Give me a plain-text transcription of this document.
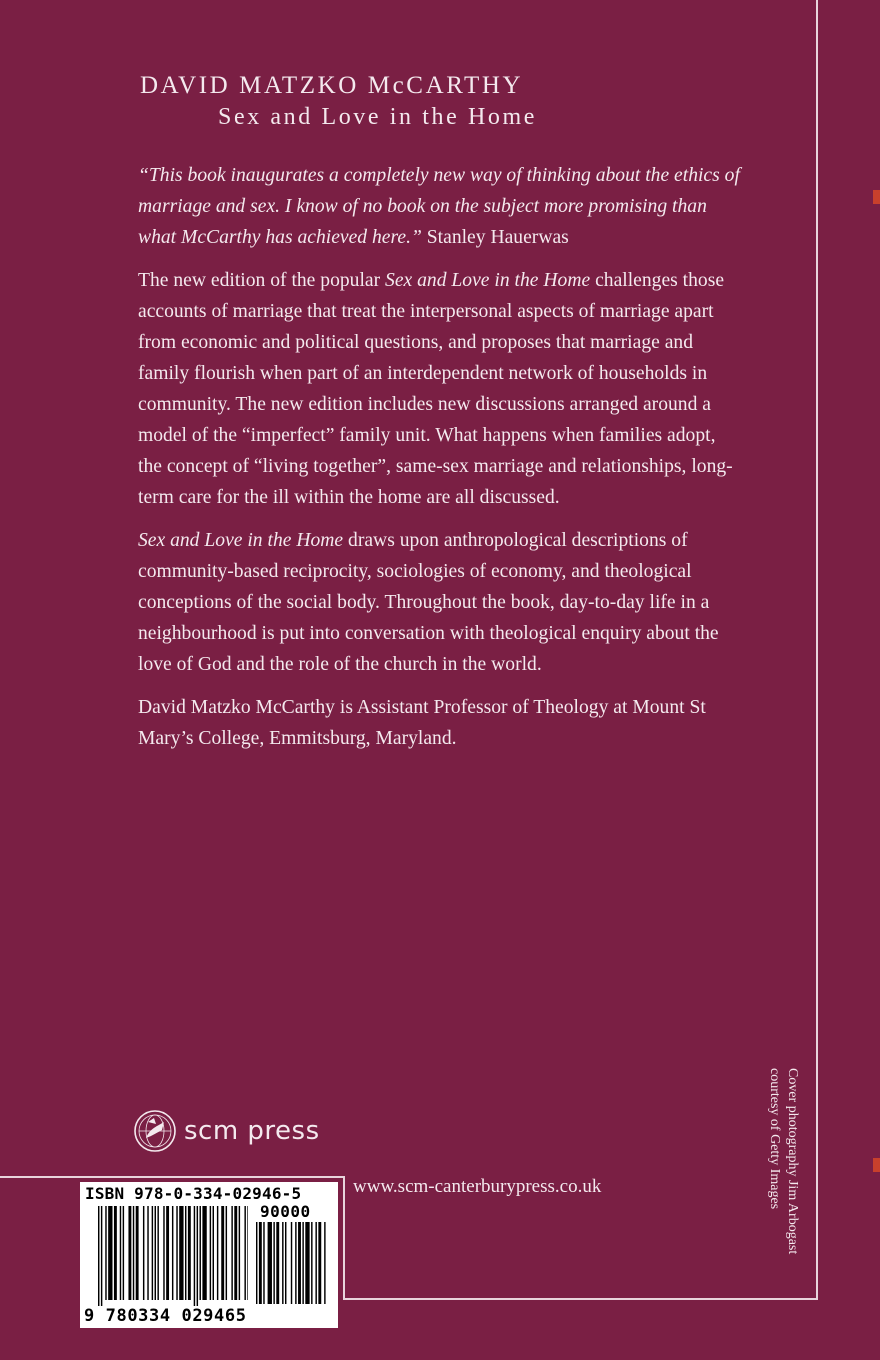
DAVID MATZKO McCARTHY
Sex and Love in the Home

“This book inaugurates a completely new way of thinking about the ethics of marriage and sex. I know of no book on the subject more promising than what McCarthy has achieved here.” Stanley Hauerwas

The new edition of the popular Sex and Love in the Home challenges those accounts of marriage that treat the interpersonal aspects of marriage apart from economic and political questions, and proposes that marriage and family flourish when part of an interdependent network of households in community. The new edition includes new discussions arranged around a model of the “imperfect” family unit. What happens when families adopt, the concept of “living together”, same-sex marriage and relationships, long-term care for the ill within the home are all discussed.

Sex and Love in the Home draws upon anthropological descriptions of community-based reciprocity, sociologies of economy, and theological conceptions of the social body. Throughout the book, day-to-day life in a neighbourhood is put into conversation with theological enquiry about the love of God and the role of the church in the world.

David Matzko McCarthy is Assistant Professor of Theology at Mount St Mary’s College, Emmitsburg, Maryland.

scm press
www.scm-canterburypress.co.uk	Cover photography Jim Arbogast
courtesy of Getty Images
ISBN 978-0-334-02946-5
90000
9 780334 029465
